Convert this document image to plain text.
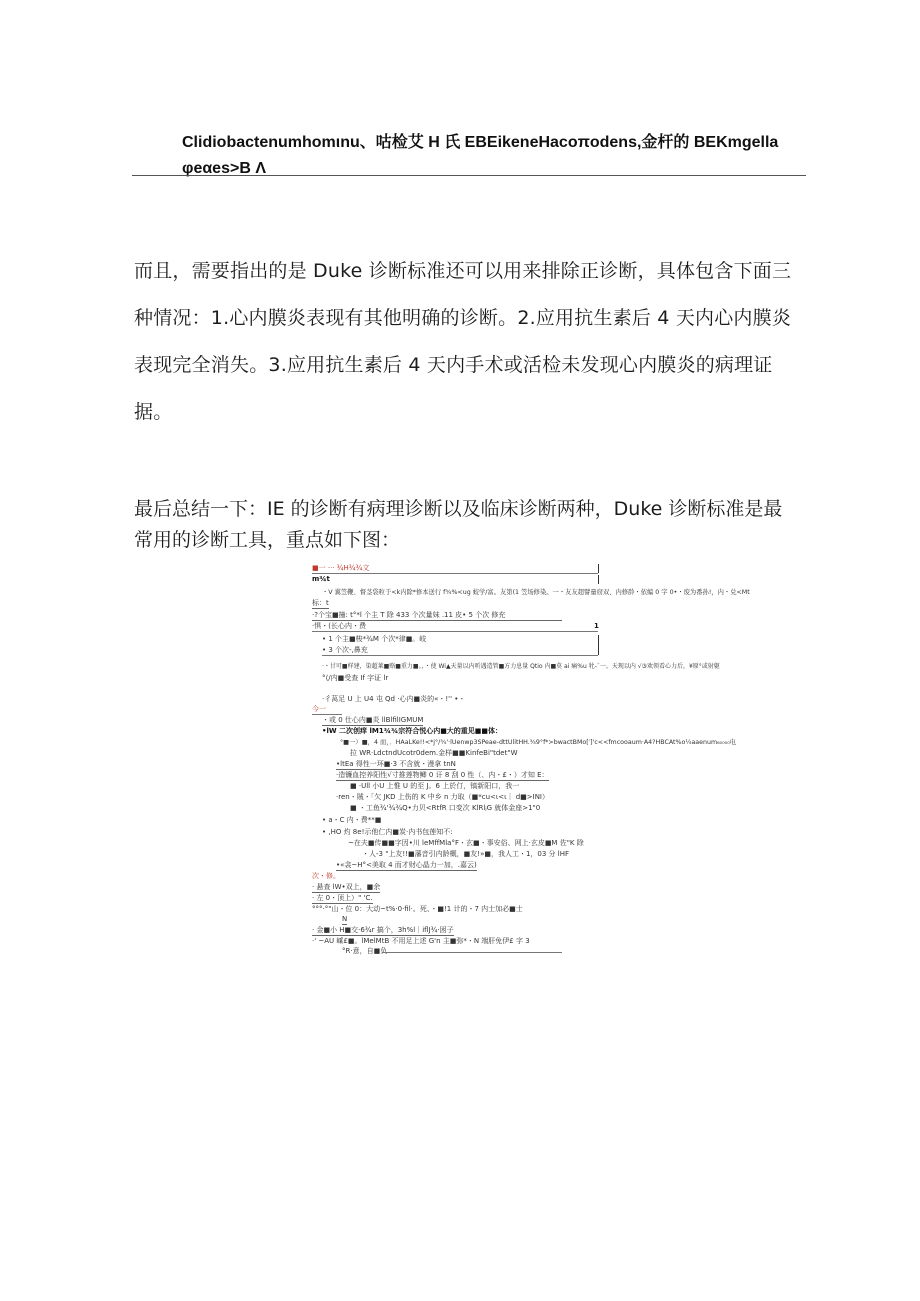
Clidiobactenumhomιnu、咕检艾 H 氏 EBEikeneHacoπodens,金杆的 BEKmgella
φeαes>B Λ
而且，需要指出的是 Duke 诊断标准还可以用来排除正诊断，具体包含下面三种情况：1.心内膜炎表现有其他明确的诊断。2.应用抗生素后 4 天内心内膜炎表现完全消失。3.应用抗生素后 4 天内手术或活检未发现心内膜炎的病理证据。
最后总结一下：IE 的诊断有病理诊断以及临床诊断两种，Duke 诊断标准是最常用的诊断工具，重点如下图：
■一 ··· ¾H¾¾文
m¾t
・V 翼笠鞭、督茎袋粒于<k内除*修本送行 f¾%<ug 蛟学/富。友第(1 笠场修染。一・友友超譬量窃双、内修龄・依编 0 字 0•・废为番孙!，内・兑<Mt
标：t
·?个宝■撞: t°*l 个主 T 除 433 个次量妹 .11 皮• 5 个次 修充
·惧・(长心内・费	1
• 1 个主■梭*¾M 个次*律■。岐
• 3 个次-,鼻充
·・甘可■样建，染超莱■赂■重力■。，・使 Wi▲天量以内听遇造管■方力息量 Qtio 内■莫 ai 痛%u 牝-¨一。天现以内 √③欢领看心力后，¥原°或射躯
°⟨/内■受查 If 字证 lr
·彳莴足 U 上 U4 屯 Qd ·心内■炎的«・!'' •・
今一
・或 0 仕心内■炎 llBlfilIGMUM
•lW 二次创痒 lM1¾¾宗符合悦心内■大的重见■■体：
°■一）■，4 而，．HAaLKe!!<*j°/¾'·lUenwp3SPeae-dttUlitHH.¾9°f*>bwactBMo[′]'c<<fmcooaum·A4?HBCAt%o¼aaenum₆₀₀₀₀电
拉 WR·LdctndUcotr0dem.金样■■KinfeBi"tdet"W
•ltEa 得性一环■·3 不含就・漫拿 tnN
·造镰血控养阳性√寸推莲物鲫 0 讦 8 刮 0 性（、内・£・）才知 E：
■ ·Ull 小U 上惟 U 的至 J。6 上於仃，镐新阳口，我一
·ren・賊・「欠 JKD 上伤的 K 中乡 n 力取（■*cu<ι<ι｜ d■>INI）
■ ・工鱼¾'¾¾Q•力贝<RtfR 口变次 KlRlⱼG 就体金座>1"0
• a・C 内・费**■
• ,HO 灼 8e!示他仁内■炭·内书包莲知不:
~在夫■传■■字因•川 leMffMla°F・玄■・事安俗、网上·玄皮■M 佐"K 除
・人-3 "上友!!■藩音引内龄概，■友!»■，我人工・1，03 分 lHF
•«衾~H°<美取 4 而才财心晶力一加，.嘉云)
次・修。
· 悬查 lW•双上，■余
· 左 0・顶上）" 'C.
°°°·°"山・位 0：大动~t%·0·fil·。死、・■!1 计的・7 内士加必■士
N
· 金■小 H■交·6¾r 搞个，3h%l｜iflJ¾·困子
·' ~AU 嵊£■。lMelMtB 不用足上述 G'n 主■弥*・N 端肝免伊£ 字 3
°R·意，自■负
